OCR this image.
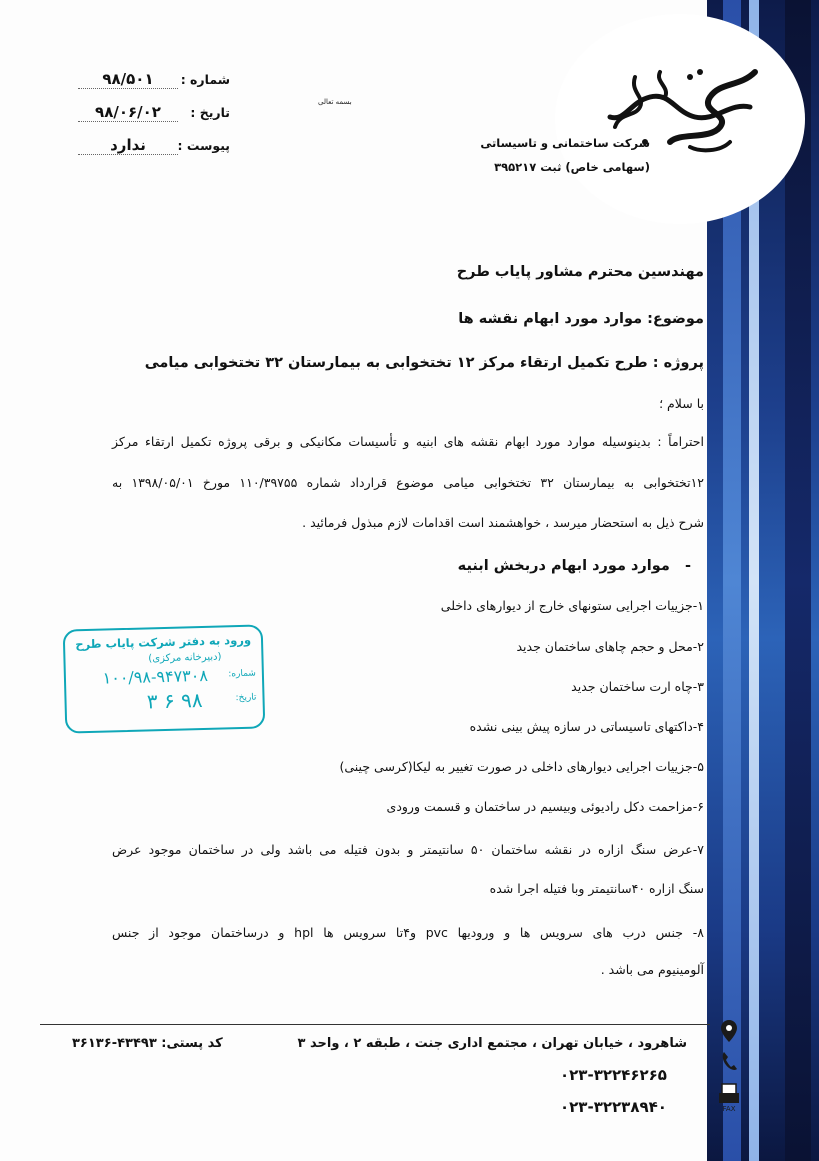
شرکت ساختمانی و تاسیساتی
(سهامی خاص) ثبت ۳۹۵۲۱۷
بسمه تعالی
شماره :
۹۸/۵۰۱
تاریخ :
۹۸/۰۶/۰۲
پیوست :
ندارد
مهندسین محترم مشاور پایاب طرح
موضوع: موارد مورد ابهام نقشه ها
پروژه : طرح تکمیل ارتقاء مرکز ۱۲ تختخوابی به بیمارستان ۳۲ تختخوابی میامی
با سلام ؛
احتراماً : بدینوسیله موارد مورد ابهام نقشه های ابنیه و تأسیسات مکانیکی و برقی پروژه تکمیل ارتقاء مرکز
۱۲تختخوابی به بیمارستان ۳۲ تختخوابی میامی موضوع قرارداد شماره ۱۱۰/۳۹۷۵۵ مورخ ۱۳۹۸/۰۵/۰۱ به
شرح ذیل به استحضار میرسد ، خواهشمند است اقدامات لازم مبذول فرمائید .
-   موارد مورد ابهام دربخش ابنیه
۱-جزییات اجرایی ستونهای خارج از دیوارهای داخلی
۲-محل و حجم چاهای ساختمان جدید
۳-چاه ارت ساختمان جدید
۴-داکتهای تاسیساتی در سازه پیش بینی نشده
۵-جزییات اجرایی دیوارهای داخلی در صورت تغییر به لیکا(کرسی چینی)
۶-مزاحمت دکل رادیوئی وبیسیم در ساختمان و قسمت ورودی
۷-عرض سنگ ازاره در نقشه ساختمان ۵۰ سانتیمتر و بدون فتیله می باشد ولی در ساختمان موجود عرض
سنگ ازاره ۴۰سانتیمتر وبا فتیله اجرا شده
۸- جنس درب های سرویس ها و ورودیها pvc و۴تا سرویس ها hpl و درساختمان موجود از جنس
آلومینیوم می باشد .
ورود به دفتر شرکت پایاب طرح
(دبیرخانه مرکزی)
شماره:
۱۰۰/۹۸-۹۴۷۳۰۸
تاریخ:
۹۸ ۶ ۳
شاهرود ، خیابان تهران ، مجتمع اداری جنت ، طبقه ۲ ، واحد ۳
کد پستی: ۴۳۴۹۳-۳۶۱۳۶
۰۲۳-۳۲۲۴۶۲۶۵
۰۲۳-۳۲۲۳۸۹۴۰	FAX
